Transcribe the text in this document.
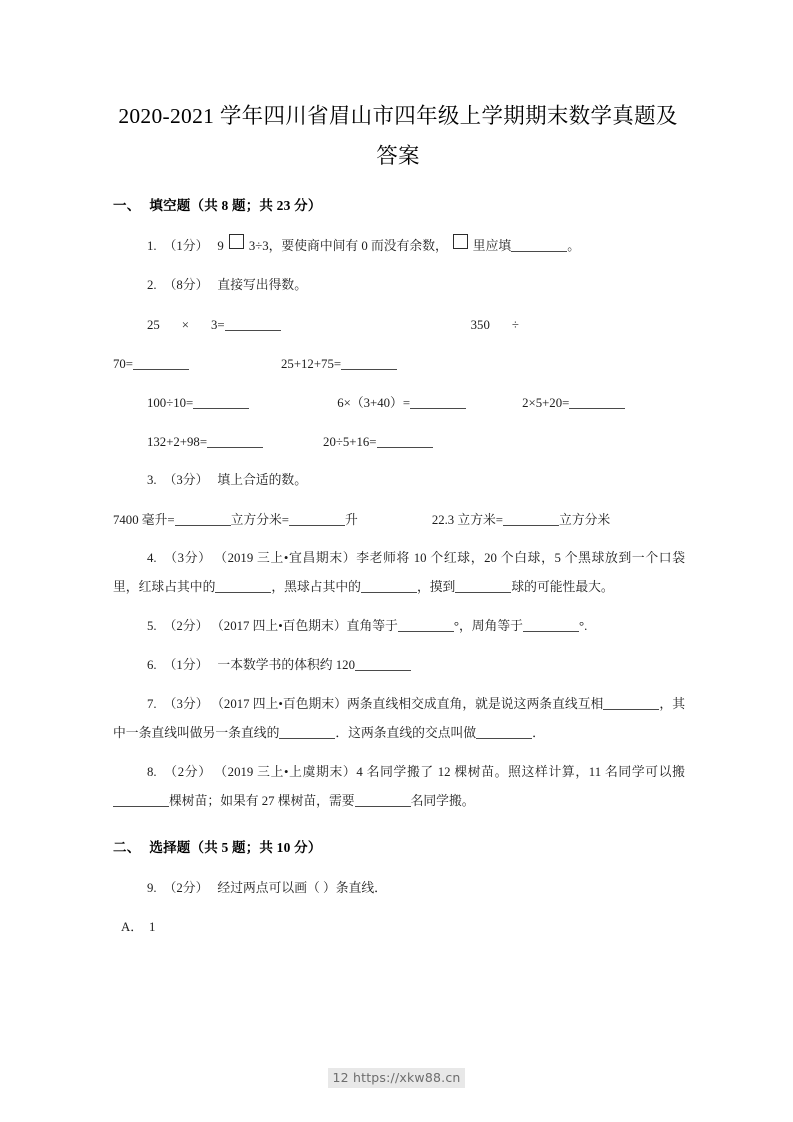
2020-2021 学年四川省眉山市四年级上学期期末数学真题及答案
一、 填空题（共 8 题；共 23 分）
1. （1分） 9 3÷3，要使商中间有 0 而没有余数， 里应填	。
2. （8分） 直接写出得数。
25 × 3=	350 ÷
70=	25+12+75=
100÷10=	6×（3+40）=	2×5+20=
132+2+98=	20÷5+16=
3. （3分） 填上合适的数。
7400 毫升=	立方分米=	升	22.3 立方米=	立方分米
4. （3分） （2019 三上•宜昌期末）李老师将 10 个红球，20 个白球，5 个黑球放到一个口袋里，红球占其中的	，黑球占其中的	，摸到	球的可能性最大。
5. （2分） （2017 四上•百色期末）直角等于	°，周角等于	°.
6. （1分） 一本数学书的体积约 120
7. （3分） （2017 四上•百色期末）两条直线相交成直角，就是说这两条直线互相	，其中一条直线叫做另一条直线的	．这两条直线的交点叫做	．
8. （2分） （2019 三上•上虞期末）4 名同学搬了 12 棵树苗。照这样计算，11 名同学可以搬棵树苗；如果有 27 棵树苗，需要	名同学搬。
二、 选择题（共 5 题；共 10 分）
9. （2分） 经过两点可以画（ ）条直线．
A． 1
12 https://xkw88.cn
